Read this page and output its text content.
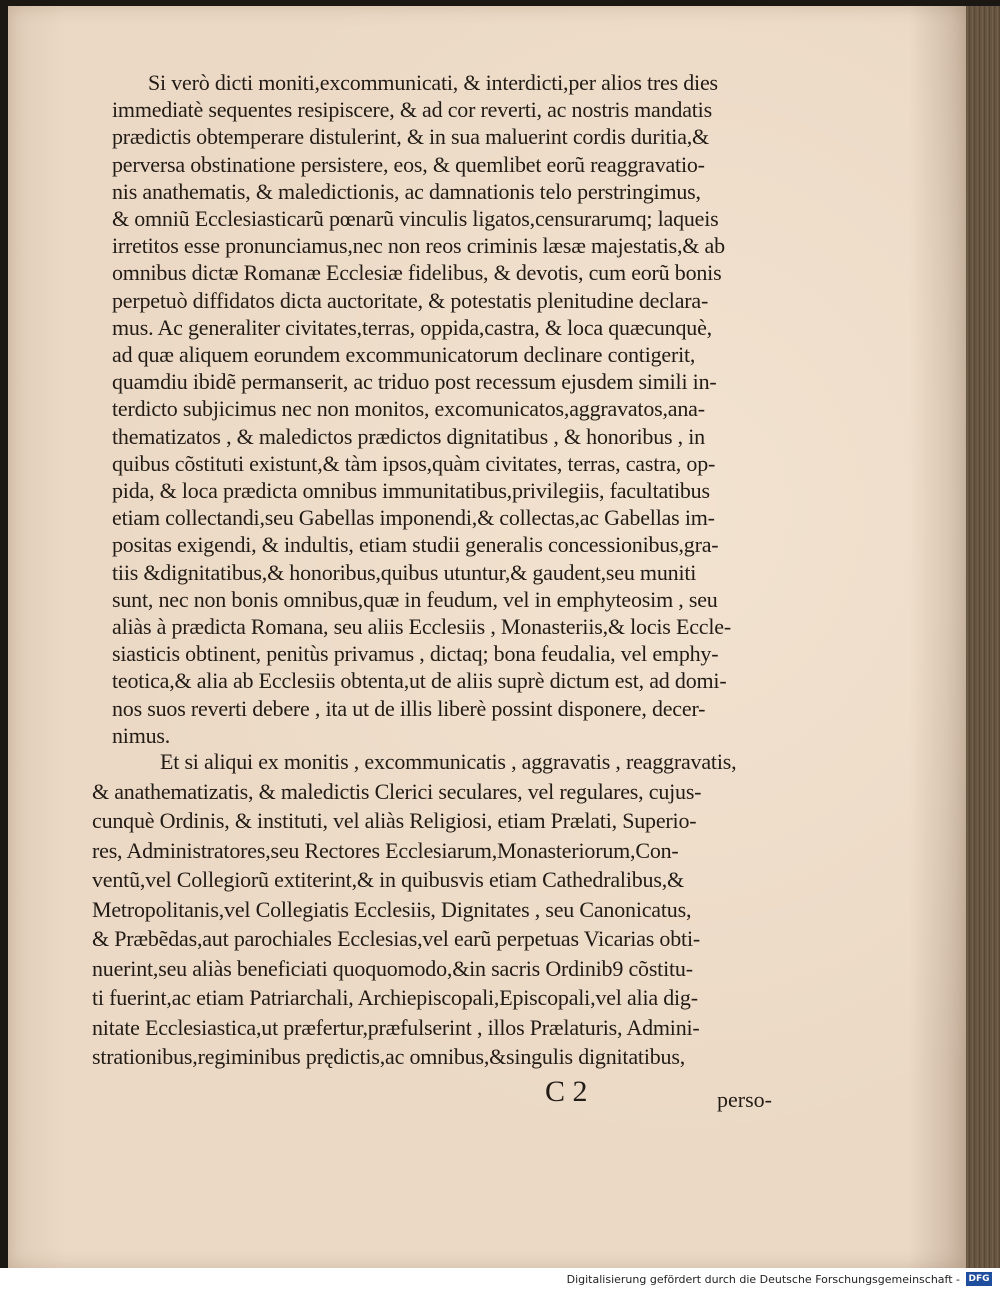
Si verò dicti moniti,excommunicati, & interdicti,per alios tres dies
immediatè sequentes resipiscere, & ad cor reverti, ac nostris mandatis
prædictis obtemperare distulerint, & in sua maluerint cordis duritia,&
perversa obstinatione persistere, eos, & quemlibet eorũ reaggravatio-
nis anathematis, & maledictionis, ac damnationis telo perstringimus,
& omniũ Ecclesiasticarũ pœnarũ vinculis ligatos,censurarumq; laqueis
irretitos esse pronunciamus,nec non reos criminis læsæ majestatis,& ab
omnibus dictæ Romanæ Ecclesiæ fidelibus, & devotis, cum eorũ bonis
perpetuò diffidatos dicta auctoritate, & potestatis plenitudine declara-
mus. Ac generaliter civitates,terras, oppida,castra, & loca quæcunquè,
ad quæ aliquem eorundem excommunicatorum declinare contigerit,
quamdiu ibidẽ permanserit, ac triduo post recessum ejusdem simili in-
terdicto subjicimus nec non monitos, excomunicatos,aggravatos,ana-
thematizatos , & maledictos prædictos dignitatibus , & honoribus , in
quibus cõstituti existunt,& tàm ipsos,quàm civitates, terras, castra, op-
pida, & loca prædicta omnibus immunitatibus,privilegiis, facultatibus
etiam collectandi,seu Gabellas imponendi,& collectas,ac Gabellas im-
positas exigendi, & indultis, etiam studii generalis concessionibus,gra-
tiis &dignitatibus,& honoribus,quibus utuntur,& gaudent,seu muniti
sunt, nec non bonis omnibus,quæ in feudum, vel in emphyteosim , seu
aliàs à prædicta Romana, seu aliis Ecclesiis , Monasteriis,& locis Eccle-
siasticis obtinent, penitùs privamus , dictaq; bona feudalia, vel emphy-
teotica,& alia ab Ecclesiis obtenta,ut de aliis suprè dictum est, ad domi-
nos suos reverti debere , ita ut de illis liberè possint disponere, decer-
nimus.
Et si aliqui ex monitis , excommunicatis , aggravatis , reaggravatis,
& anathematizatis, & maledictis Clerici seculares, vel regulares, cujus-
cunquè Ordinis, & instituti, vel aliàs Religiosi, etiam Prælati, Superio-
res, Administratores,seu Rectores Ecclesiarum,Monasteriorum,Con-
ventũ,vel Collegiorũ extiterint,& in quibusvis etiam Cathedralibus,&
Metropolitanis,vel Collegiatis Ecclesiis, Dignitates , seu Canonicatus,
& Præbẽdas,aut parochiales Ecclesias,vel earũ perpetuas Vicarias obti-
nuerint,seu aliàs beneficiati quoquomodo,&in sacris Ordinib9 cõstitu-
ti fuerint,ac etiam Patriarchali, Archiepiscopali,Episcopali,vel alia dig-
nitate Ecclesiastica,ut præfertur,præfulserint , illos Prælaturis, Admini-
strationibus,regiminibus prędictis,ac omnibus,&singulis dignitatibus,
C 2	perso-
Digitalisierung gefördert durch die Deutsche Forschungsgemeinschaft - DFG
